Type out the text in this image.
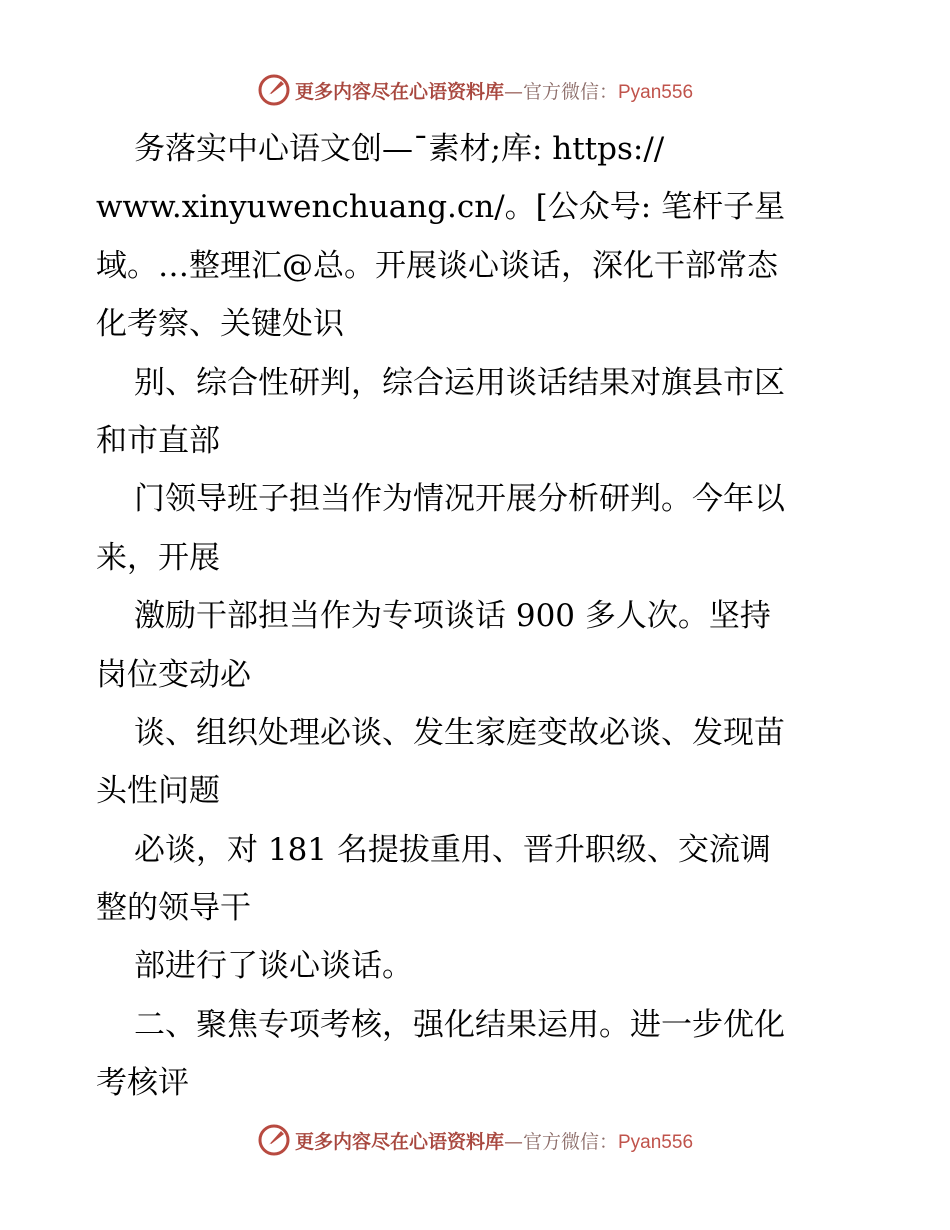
更多内容尽在心语资料库—官方微信：Pyan556
务落实中心语文创—¯素材;库: https://
www.xinyuwenchuang.cn/。[公众号: 笔杆子星
域。…整理汇@总。开展谈心谈话，深化干部常态
化考察、关键处识
别、综合性研判，综合运用谈话结果对旗县市区
和市直部
门领导班子担当作为情况开展分析研判。今年以
来，开展
激励干部担当作为专项谈话 900 多人次。坚持
岗位变动必
谈、组织处理必谈、发生家庭变故必谈、发现苗
头性问题
必谈，对 181 名提拔重用、晋升职级、交流调
整的领导干
部进行了谈心谈话。
二、聚焦专项考核，强化结果运用。进一步优化
考核评
更多内容尽在心语资料库—官方微信：Pyan556
